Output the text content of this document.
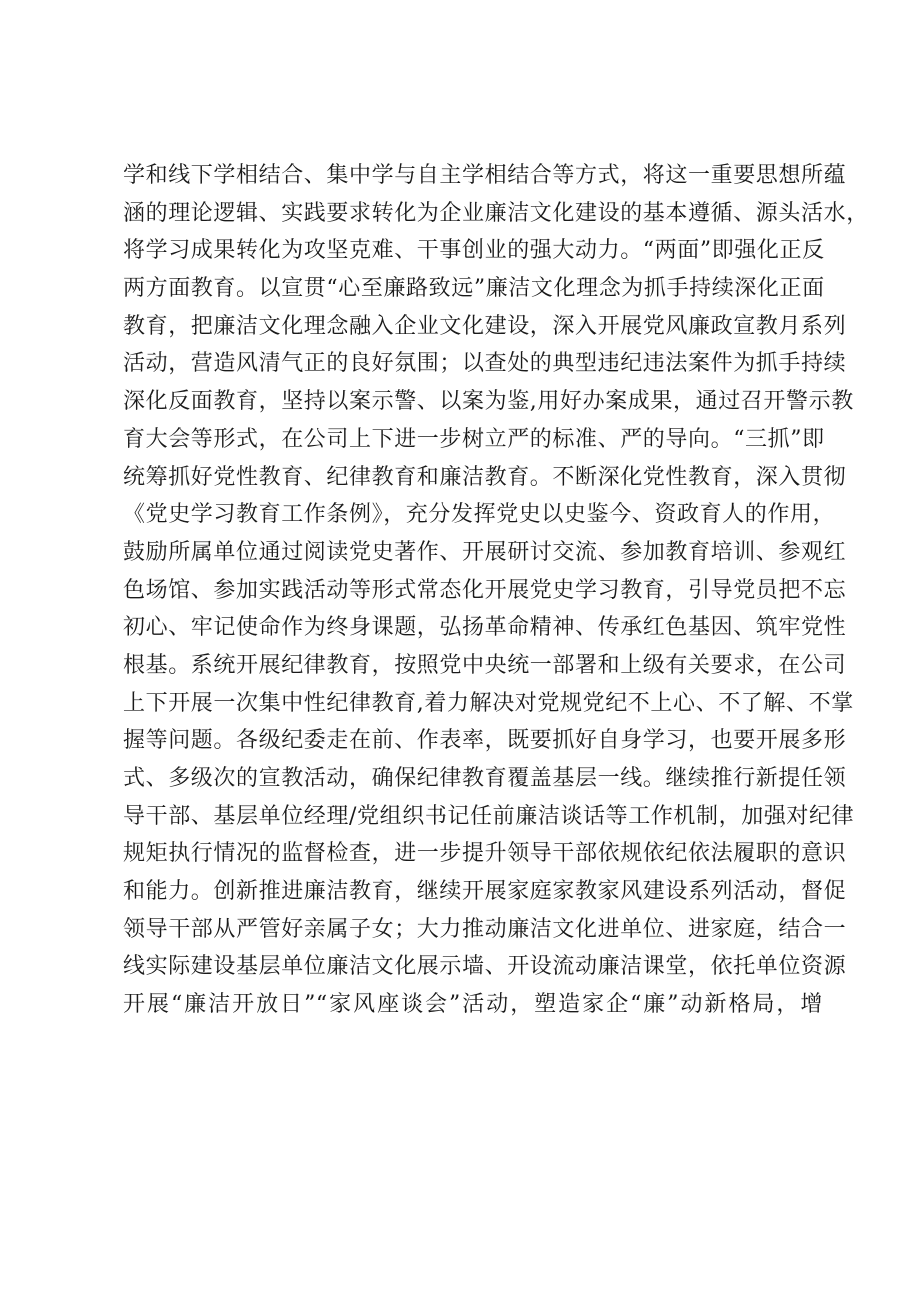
学和线下学相结合、集中学与自主学相结合等方式，将这一重要思想所蕴
涵的理论逻辑、实践要求转化为企业廉洁文化建设的基本遵循、源头活水，
将学习成果转化为攻坚克难、干事创业的强大动力。“两面”即强化正反
两方面教育。以宣贯“心至廉路致远”廉洁文化理念为抓手持续深化正面
教育，把廉洁文化理念融入企业文化建设，深入开展党风廉政宣教月系列
活动，营造风清气正的良好氛围；以查处的典型违纪违法案件为抓手持续
深化反面教育，坚持以案示警、以案为鉴,用好办案成果，通过召开警示教
育大会等形式，在公司上下进一步树立严的标准、严的导向。“三抓”即
统筹抓好党性教育、纪律教育和廉洁教育。不断深化党性教育，深入贯彻
《党史学习教育工作条例》，充分发挥党史以史鉴今、资政育人的作用，
鼓励所属单位通过阅读党史著作、开展研讨交流、参加教育培训、参观红
色场馆、参加实践活动等形式常态化开展党史学习教育，引导党员把不忘
初心、牢记使命作为终身课题，弘扬革命精神、传承红色基因、筑牢党性
根基。系统开展纪律教育，按照党中央统一部署和上级有关要求，在公司
上下开展一次集中性纪律教育,着力解决对党规党纪不上心、不了解、不掌
握等问题。各级纪委走在前、作表率，既要抓好自身学习，也要开展多形
式、多级次的宣教活动，确保纪律教育覆盖基层一线。继续推行新提任领
导干部、基层单位经理/党组织书记任前廉洁谈话等工作机制，加强对纪律
规矩执行情况的监督检查，进一步提升领导干部依规依纪依法履职的意识
和能力。创新推进廉洁教育，继续开展家庭家教家风建设系列活动，督促
领导干部从严管好亲属子女；大力推动廉洁文化进单位、进家庭，结合一
线实际建设基层单位廉洁文化展示墙、开设流动廉洁课堂，依托单位资源
开展“廉洁开放日”“家风座谈会”活动，塑造家企“廉”动新格局，增
